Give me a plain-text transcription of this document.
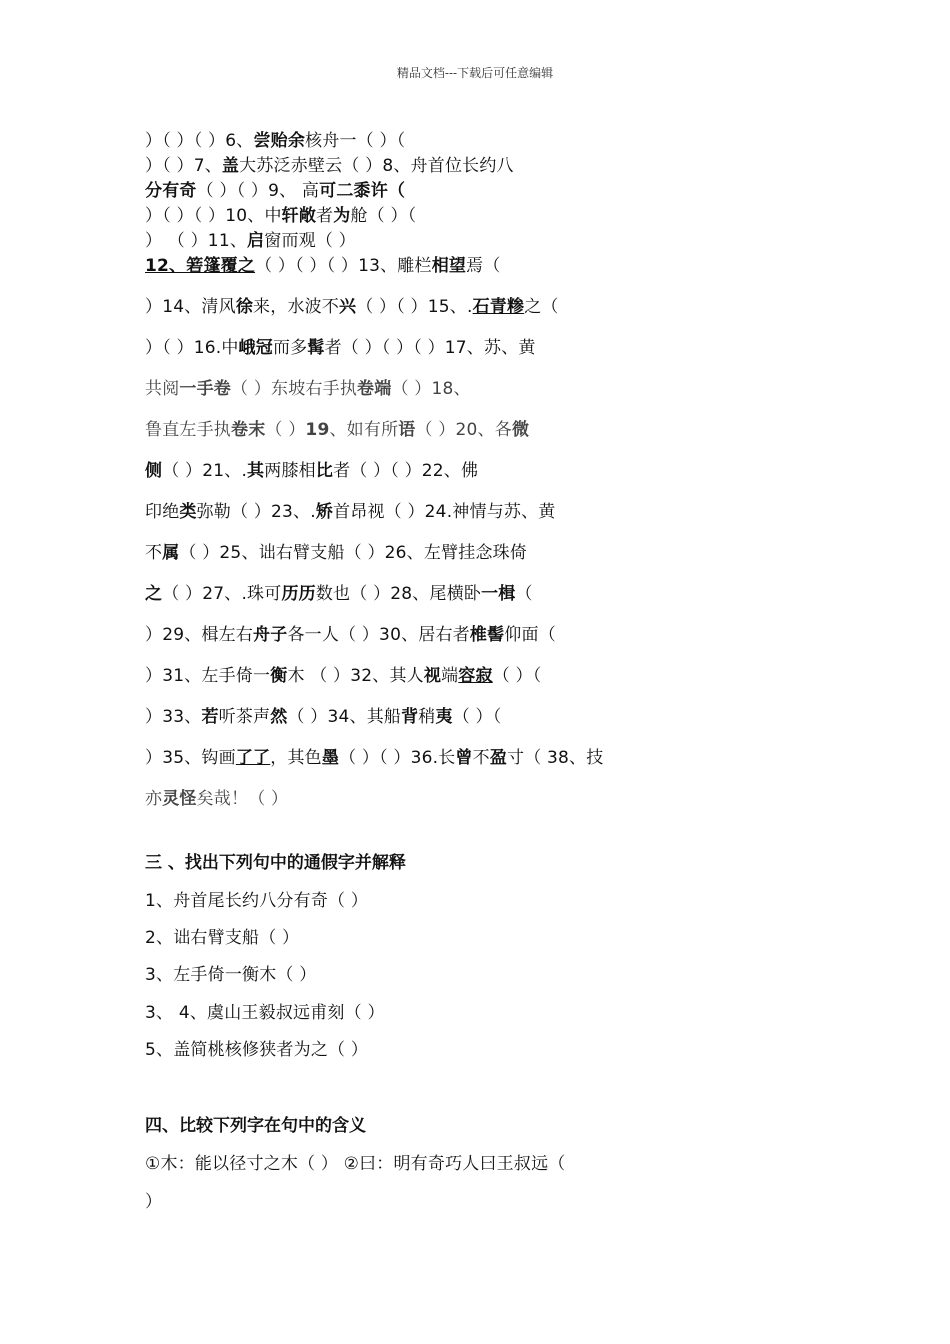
精品文档---下载后可任意编辑
）（ ）（ ）6、尝贻余核舟一（ ）（
）（ ）7、盖大苏泛赤壁云（ ）8、舟首位长约八
分有奇（ ）（ ）9、 高可二黍许（
）（ ）（ ）10、中轩敞者为舱（ ）（
） （ ）11、启窗而观（ ）
12、箬篷覆之（ ）（ ）（ ）13、雕栏相望焉（
）14、清风徐来，水波不兴（ ）（ ）15、.石青糁之（
）（ ）16.中峨冠而多髯者（ ）（ ）（ ）17、苏、黄
共阅一手卷（ ）东坡右手执卷端（ ）18、
鲁直左手执卷末（ ）19、如有所语（ ）20、各微
侧（ ）21、.其两膝相比者（ ）（ ）22、佛
印绝类弥勒（ ）23、.矫首昂视（ ）24.神情与苏、黄
不属（ ）25、诎右臂支船（ ）26、左臂挂念珠倚
之（ ）27、.珠可历历数也（ ）28、尾横卧一楫（
）29、楫左右舟子各一人（ ）30、居右者椎髻仰面（
）31、左手倚一衡木 （ ）32、其人视端容寂（ ）（
）33、若听茶声然（ ）34、其船背稍夷（ ）（
）35、钩画了了，其色墨（ ）（ ）36.长曾不盈寸（ 38、技
亦灵怪矣哉！（ ）
三 、找出下列句中的通假字并解释
1、舟首尾长约八分有奇（ ）
2、诎右臂支船（ ）
3、左手倚一衡木（ ）
3、 4、虞山王毅叔远甫刻（ ）
5、盖简桃核修狭者为之（ ）
四、比较下列字在句中的含义
①木：能以径寸之木（ ） ②曰：明有奇巧人曰王叔远（
）
